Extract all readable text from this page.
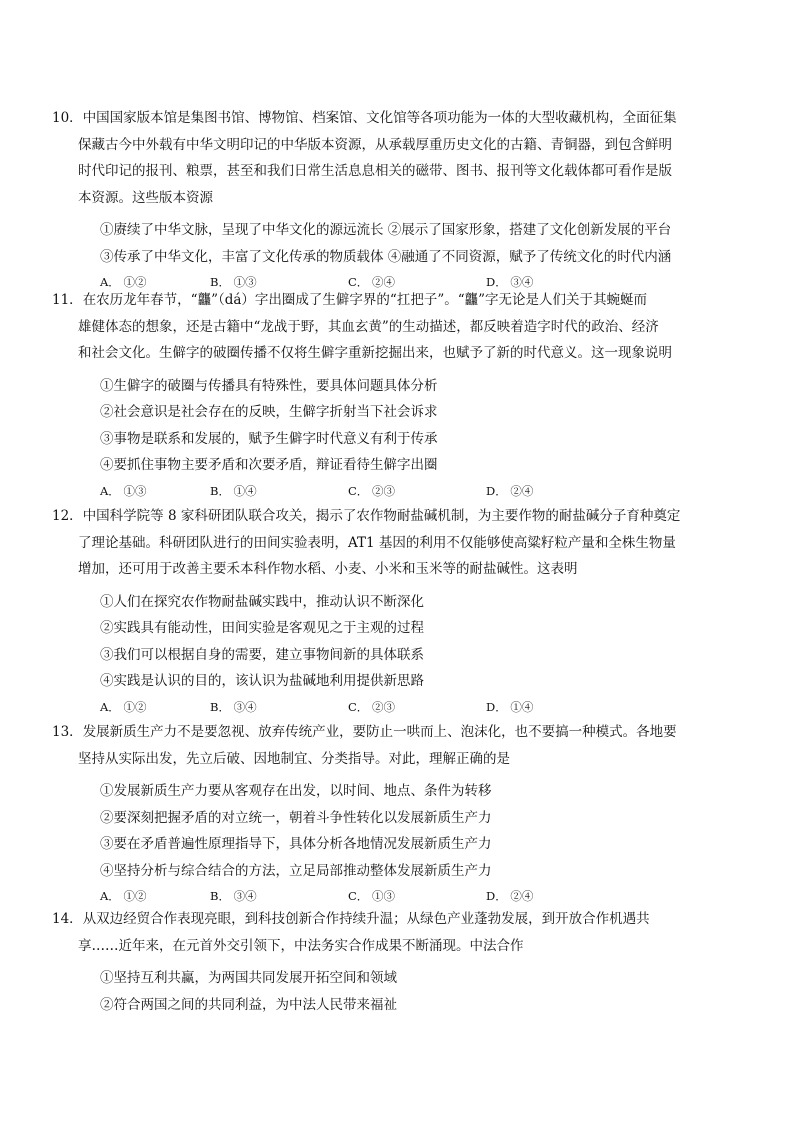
10．中国国家版本馆是集图书馆、博物馆、档案馆、文化馆等各项功能为一体的大型收藏机构，全面征集
保藏古今中外载有中华文明印记的中华版本资源，从承载厚重历史文化的古籍、青铜器，到包含鲜明
时代印记的报刊、粮票，甚至和我们日常生活息息相关的磁带、图书、报刊等文化载体都可看作是版
本资源。这些版本资源
①赓续了中华文脉，呈现了中华文化的源远流长 ②展示了国家形象，搭建了文化创新发展的平台
③传承了中华文化，丰富了文化传承的物质载体 ④融通了不同资源，赋予了传统文化的时代内涵
A． ①②	B． ①③	C． ②④	D． ③④
11．在农历龙年春节，“龘”（dá）字出圈成了生僻字界的“扛把子”。“龘”字无论是人们关于其蜿蜒而
雄健体态的想象，还是古籍中“龙战于野，其血玄黄”的生动描述，都反映着造字时代的政治、经济
和社会文化。生僻字的破圈传播不仅将生僻字重新挖掘出来，也赋予了新的时代意义。这一现象说明
①生僻字的破圈与传播具有特殊性，要具体问题具体分析
②社会意识是社会存在的反映，生僻字折射当下社会诉求
③事物是联系和发展的，赋予生僻字时代意义有利于传承
④要抓住事物主要矛盾和次要矛盾，辩证看待生僻字出圈
A． ①③	B． ①④	C． ②③	D． ②④
12．中国科学院等 8 家科研团队联合攻关，揭示了农作物耐盐碱机制，为主要作物的耐盐碱分子育种奠定
了理论基础。科研团队进行的田间实验表明，AT1 基因的利用不仅能够使高粱籽粒产量和全株生物量
增加，还可用于改善主要禾本科作物水稻、小麦、小米和玉米等的耐盐碱性。这表明
①人们在探究农作物耐盐碱实践中，推动认识不断深化
②实践具有能动性，田间实验是客观见之于主观的过程
③我们可以根据自身的需要，建立事物间新的具体联系
④实践是认识的目的，该认识为盐碱地利用提供新思路
A． ①②	B． ③④	C． ②③	D． ①④
13．发展新质生产力不是要忽视、放弃传统产业，要防止一哄而上、泡沫化，也不要搞一种模式。各地要
坚持从实际出发，先立后破、因地制宜、分类指导。对此，理解正确的是
①发展新质生产力要从客观存在出发，以时间、地点、条件为转移
②要深刻把握矛盾的对立统一，朝着斗争性转化以发展新质生产力
③要在矛盾普遍性原理指导下，具体分析各地情况发展新质生产力
④坚持分析与综合结合的方法，立足局部推动整体发展新质生产力
A． ①②	B． ③④	C． ①③	D． ②④
14．从双边经贸合作表现亮眼，到科技创新合作持续升温；从绿色产业蓬勃发展，到开放合作机遇共
享……近年来，在元首外交引领下，中法务实合作成果不断涌现。中法合作
①坚持互利共赢，为两国共同发展开拓空间和领域
②符合两国之间的共同利益，为中法人民带来福祉
